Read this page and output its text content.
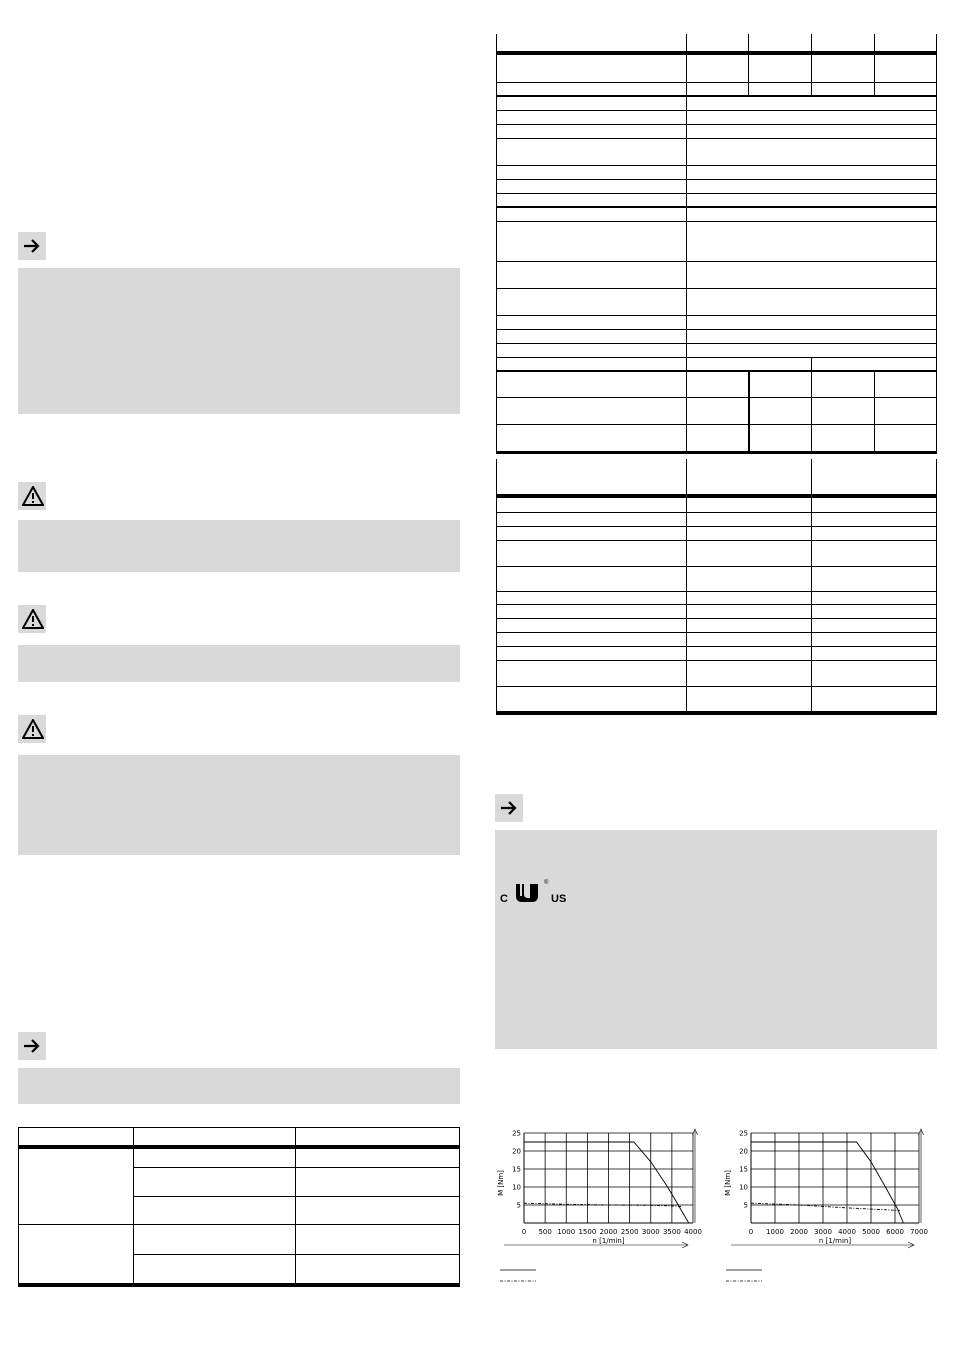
C
®
US
0 500 1000 1500 2000 2500 3000 3500 4000
5
10
15
20
25
n [1/min]
M [Nm]
0 1000 2000 3000 4000 5000 6000 7000
5
10
15
20
25
n [1/min]
M [Nm]
